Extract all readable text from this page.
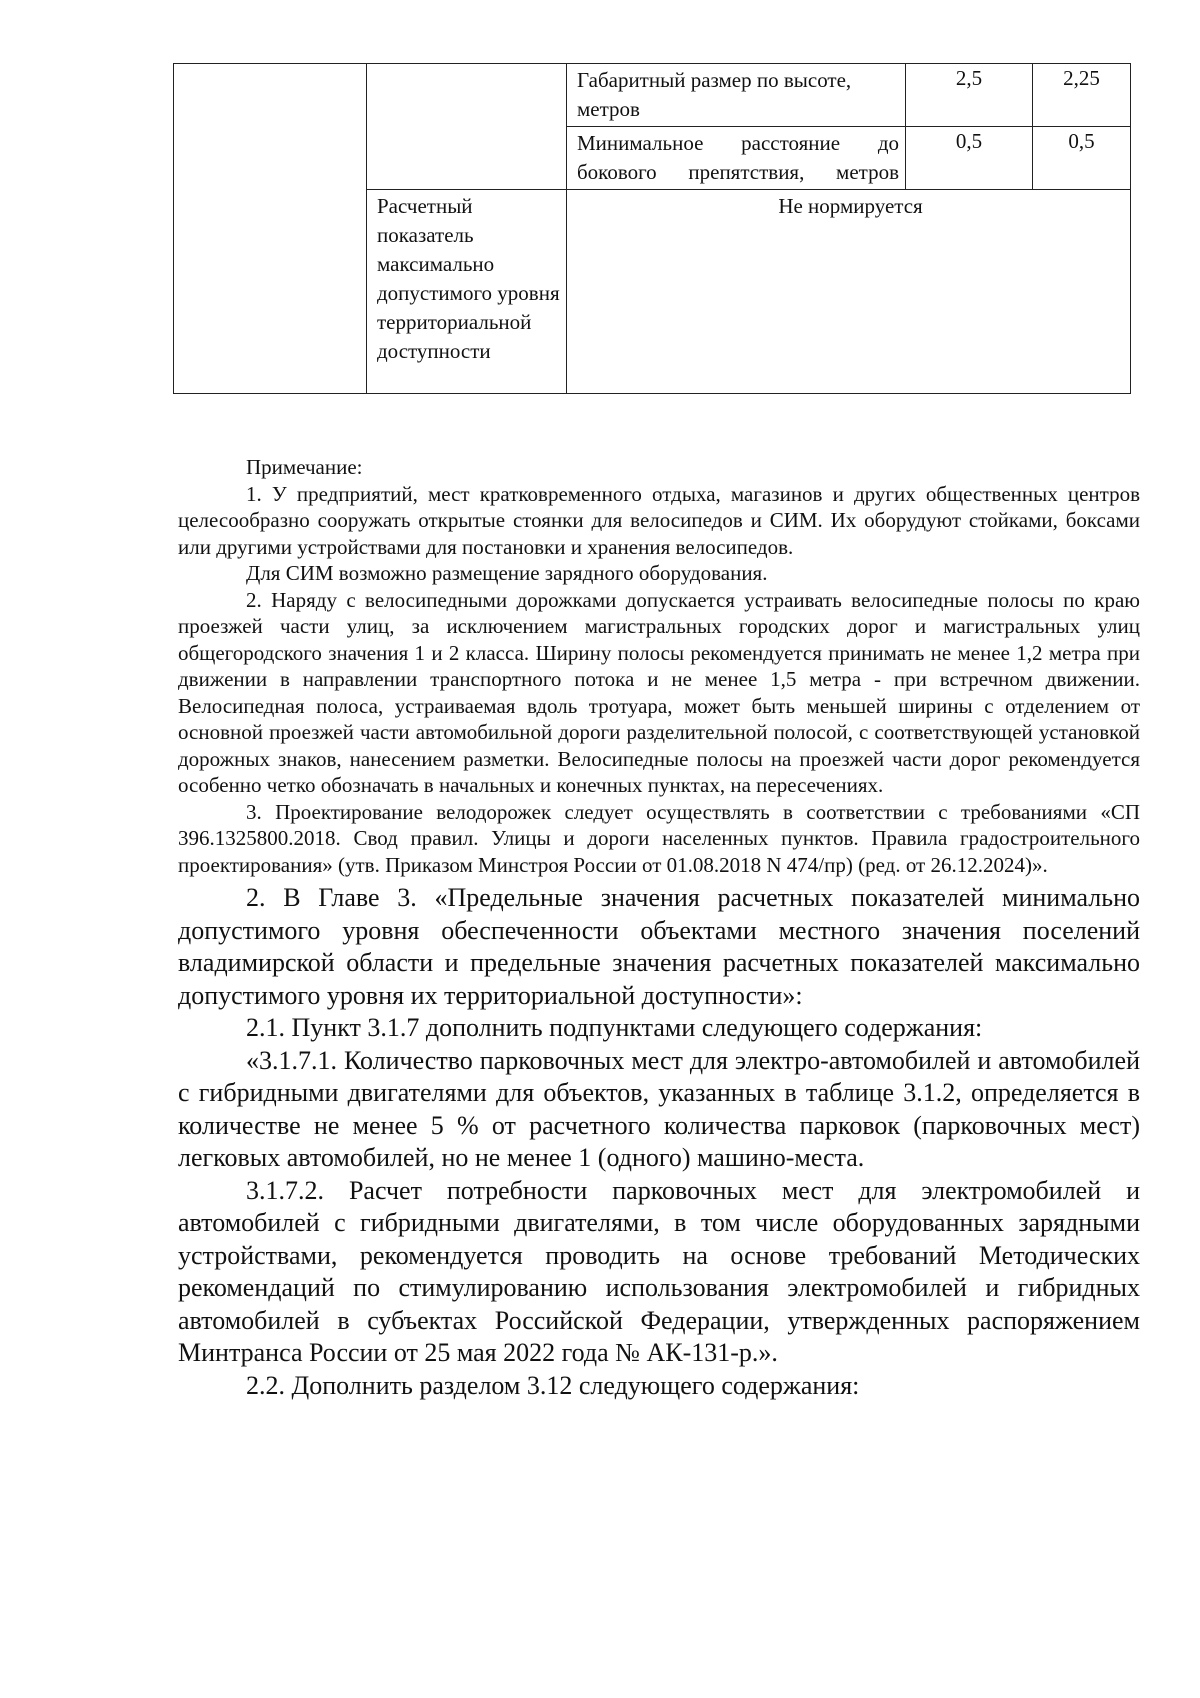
		Габаритный размер по высоте, метров	2,5	2,25
		Минимальное расстояние до бокового препятствия, метров	0,5	0,5
	Расчетный показатель максимально допустимого уровня территориальной доступности	Не нормируется		

Примечание:

1. У предприятий, мест кратковременного отдыха, магазинов и других общественных центров целесообразно сооружать открытые стоянки для велосипедов и СИМ. Их оборудуют стойками, боксами или другими устройствами для постановки и хранения велосипедов.

Для СИМ возможно размещение зарядного оборудования.

2. Наряду с велосипедными дорожками допускается устраивать велосипедные полосы по краю проезжей части улиц, за исключением магистральных городских дорог и магистральных улиц общегородского значения 1 и 2 класса. Ширину полосы рекомендуется принимать не менее 1,2 метра при движении в направлении транспортного потока и не менее 1,5 метра - при встречном движении. Велосипедная полоса, устраиваемая вдоль тротуара, может быть меньшей ширины с отделением от основной проезжей части автомобильной дороги разделительной полосой, с соответствующей установкой дорожных знаков, нанесением разметки. Велосипедные полосы на проезжей части дорог рекомендуется особенно четко обозначать в начальных и конечных пунктах, на пересечениях.

3. Проектирование велодорожек следует осуществлять в соответствии с требованиями «СП 396.1325800.2018. Свод правил. Улицы и дороги населенных пунктов. Правила градостроительного проектирования» (утв. Приказом Минстроя России от 01.08.2018 N 474/пр) (ред. от 26.12.2024)».

2. В Главе 3. «Предельные значения расчетных показателей минимально допустимого уровня обеспеченности объектами местного значения поселений владимирской области и предельные значения расчетных показателей максимально допустимого уровня их территориальной доступности»:

2.1. Пункт 3.1.7 дополнить подпунктами следующего содержания:

«3.1.7.1. Количество парковочных мест для электро-автомобилей и автомобилей с гибридными двигателями для объектов, указанных в таблице 3.1.2, определяется в количестве не менее 5 % от расчетного количества парковок (парковочных мест) легковых автомобилей, но не менее 1 (одного) машино-места.

3.1.7.2. Расчет потребности парковочных мест для электромобилей и автомобилей с гибридными двигателями, в том числе оборудованных зарядными устройствами, рекомендуется проводить на основе требований Методических рекомендаций по стимулированию использования электромобилей и гибридных автомобилей в субъектах Российской Федерации, утвержденных распоряжением Минтранса России от 25 мая 2022 года № АК-131-р.».

2.2. Дополнить разделом 3.12 следующего содержания:
